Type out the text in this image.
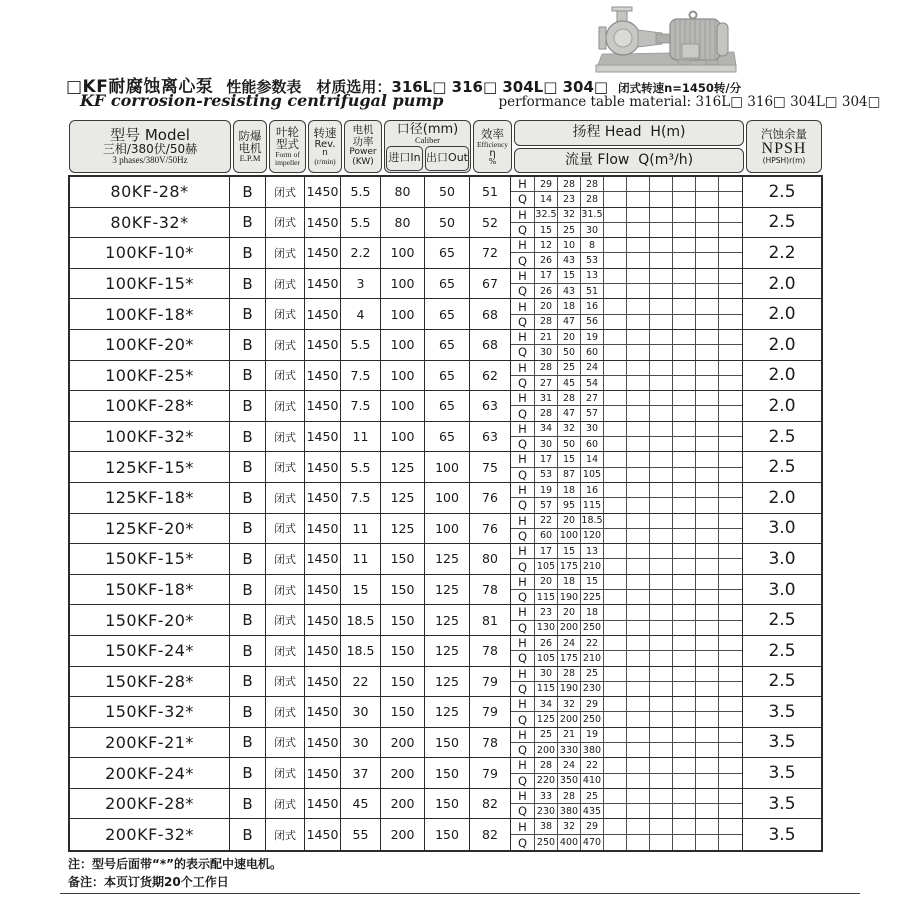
□KF耐腐蚀离心泵 性能参数表 材质选用：316L□ 316□ 304L□ 304□ 闭式转速n=1450转/分
KF corrosion-resisting centrifugal pump	performance table material: 316L□ 316□ 304L□ 304□
型号 Model
三相/380伏/50赫
3 phases/380V/50Hz
防爆
电机
E.P.M
叶轮
型式
Form of
impeller
转速
Rev.
n
(r/min)
电机
功率
Power
(KW)
口径(mm)
Caliber
进口In 出口Out
效率
Efficiency
η
%
扬程 Head  H(m)
流量 Flow  Q(m³/h)
汽蚀余量
NPSH
(HPSH)r(m)
80KF-28*	B	闭式 1450 5.5	80	50	51
H	29	28	28
Q	14	23	28	2.5
80KF-32*	B	闭式 1450 5.5	80	50	52
H 32.5 32 31.5
Q	15	25	30	2.5
100KF-10*	B	闭式 1450 2.2	100	65	72
H	12	10	8
Q	26	43	53	2.2
100KF-15*	B	闭式 1450	3	100	65	67
H	17	15	13
Q	26	43	51	2.0
100KF-18*	B	闭式 1450	4	100	65	68
H	20	18	16
Q	28	47	56	2.0
100KF-20*	B	闭式 1450 5.5	100	65	68
H	21	20	19
Q	30	50	60	2.0
100KF-25*	B	闭式 1450 7.5	100	65	62
H	28	25	24
Q	27	45	54	2.0
100KF-28*	B	闭式 1450 7.5	100	65	63
H	31	28	27
Q	28	47	57	2.0
100KF-32*	B	闭式 1450	11	100	65	63
H	34	32	30
Q	30	50	60	2.5
125KF-15*	B	闭式 1450 5.5	125	100	75
H	17	15	14
Q	53	87 105	2.5
125KF-18*	B	闭式 1450 7.5	125	100	76
H	19	18	16
Q	57	95 115	2.0
125KF-20*	B	闭式 1450	11	125	100	76
H	22	20 18.5
Q	60 100 120	3.0
150KF-15*	B	闭式 1450	11	150	125	80
H	17	15	13
Q	105 175 210	3.0
150KF-18*	B	闭式 1450	15	150	125	78
H	20	18	15
Q	115 190 225	3.0
150KF-20*	B	闭式 1450 18.5	150	125	81
H	23	20	18
Q	130 200 250	2.5
150KF-24*	B	闭式 1450 18.5	150	125	78
H	26	24	22
Q	105 175 210	2.5
150KF-28*	B	闭式 1450	22	150	125	79
H	30	28	25
Q	115 190 230	2.5
150KF-32*	B	闭式 1450	30	150	125	79
H	34	32	29
Q	125 200 250	3.5
200KF-21*	B	闭式 1450	30	200	150	78
H	25	21	19
Q	200 330 380	3.5
200KF-24*	B	闭式 1450	37	200	150	79
H	28	24	22
Q	220 350 410	3.5
200KF-28*	B	闭式 1450	45	200	150	82
H	33	28	25
Q	230 380 435	3.5
200KF-32*	B	闭式 1450	55	200	150	82
H	38	32	29
Q	250 400 470	3.5
注：型号后面带“*”的表示配中速电机。
备注：本页订货期20个工作日
